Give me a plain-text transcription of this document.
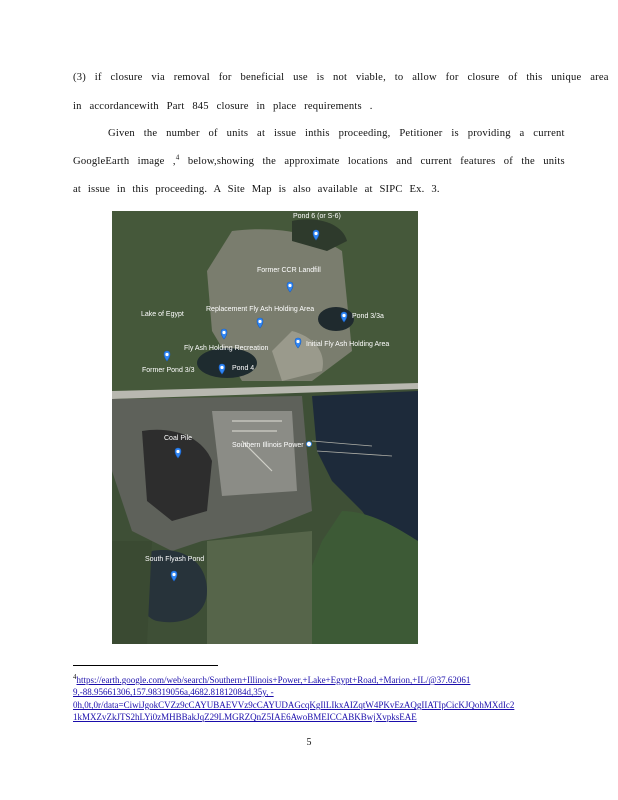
(3) if closure via removal for beneficial use is not viable, to allow for closure of this unique area
in accordancewith Part 845 closure in place requirements .
Given the number of units at issue inthis proceeding, Petitioner is providing a current
GoogleEarth image ,$^4$ below,showing the approximate locations and current features of the units
at issue in this proceeding. A Site Map is also available at SIPC Ex. 3.
Pond 6 (or S-6)
Former CCR Landfill
Replacement Fly Ash Holding Area
Lake of Egypt	Pond 3/3a
Fly Ash Holding Recreation
Initial Fly Ash Holding Area
Former Pond 3/3	Pond 4
Coal Pile
Southern Illinois Power
South Flyash Pond
$^4$https://earth.google.com/web/search/Southern+Illinois+Power,+Lake+Egypt+Road,+Marion,+IL/@37.62061
9,-88.95661306,157.98319056a,4682.81812084d,35y, -
0h,0t,0r/data=CiwiJgokCVZz9cCAYUBAEVVz9cCAYUDAGcqKgIlLIkxAIZqtW4PKvEzAQgIIATIpCicKJQohMXdIc2
1kMXZvZkJTS2hLYi0zMHBBakJqZ29LMGRZQnZ5IAE6AwoBMEICCABKBwjXvpksEAE
5
